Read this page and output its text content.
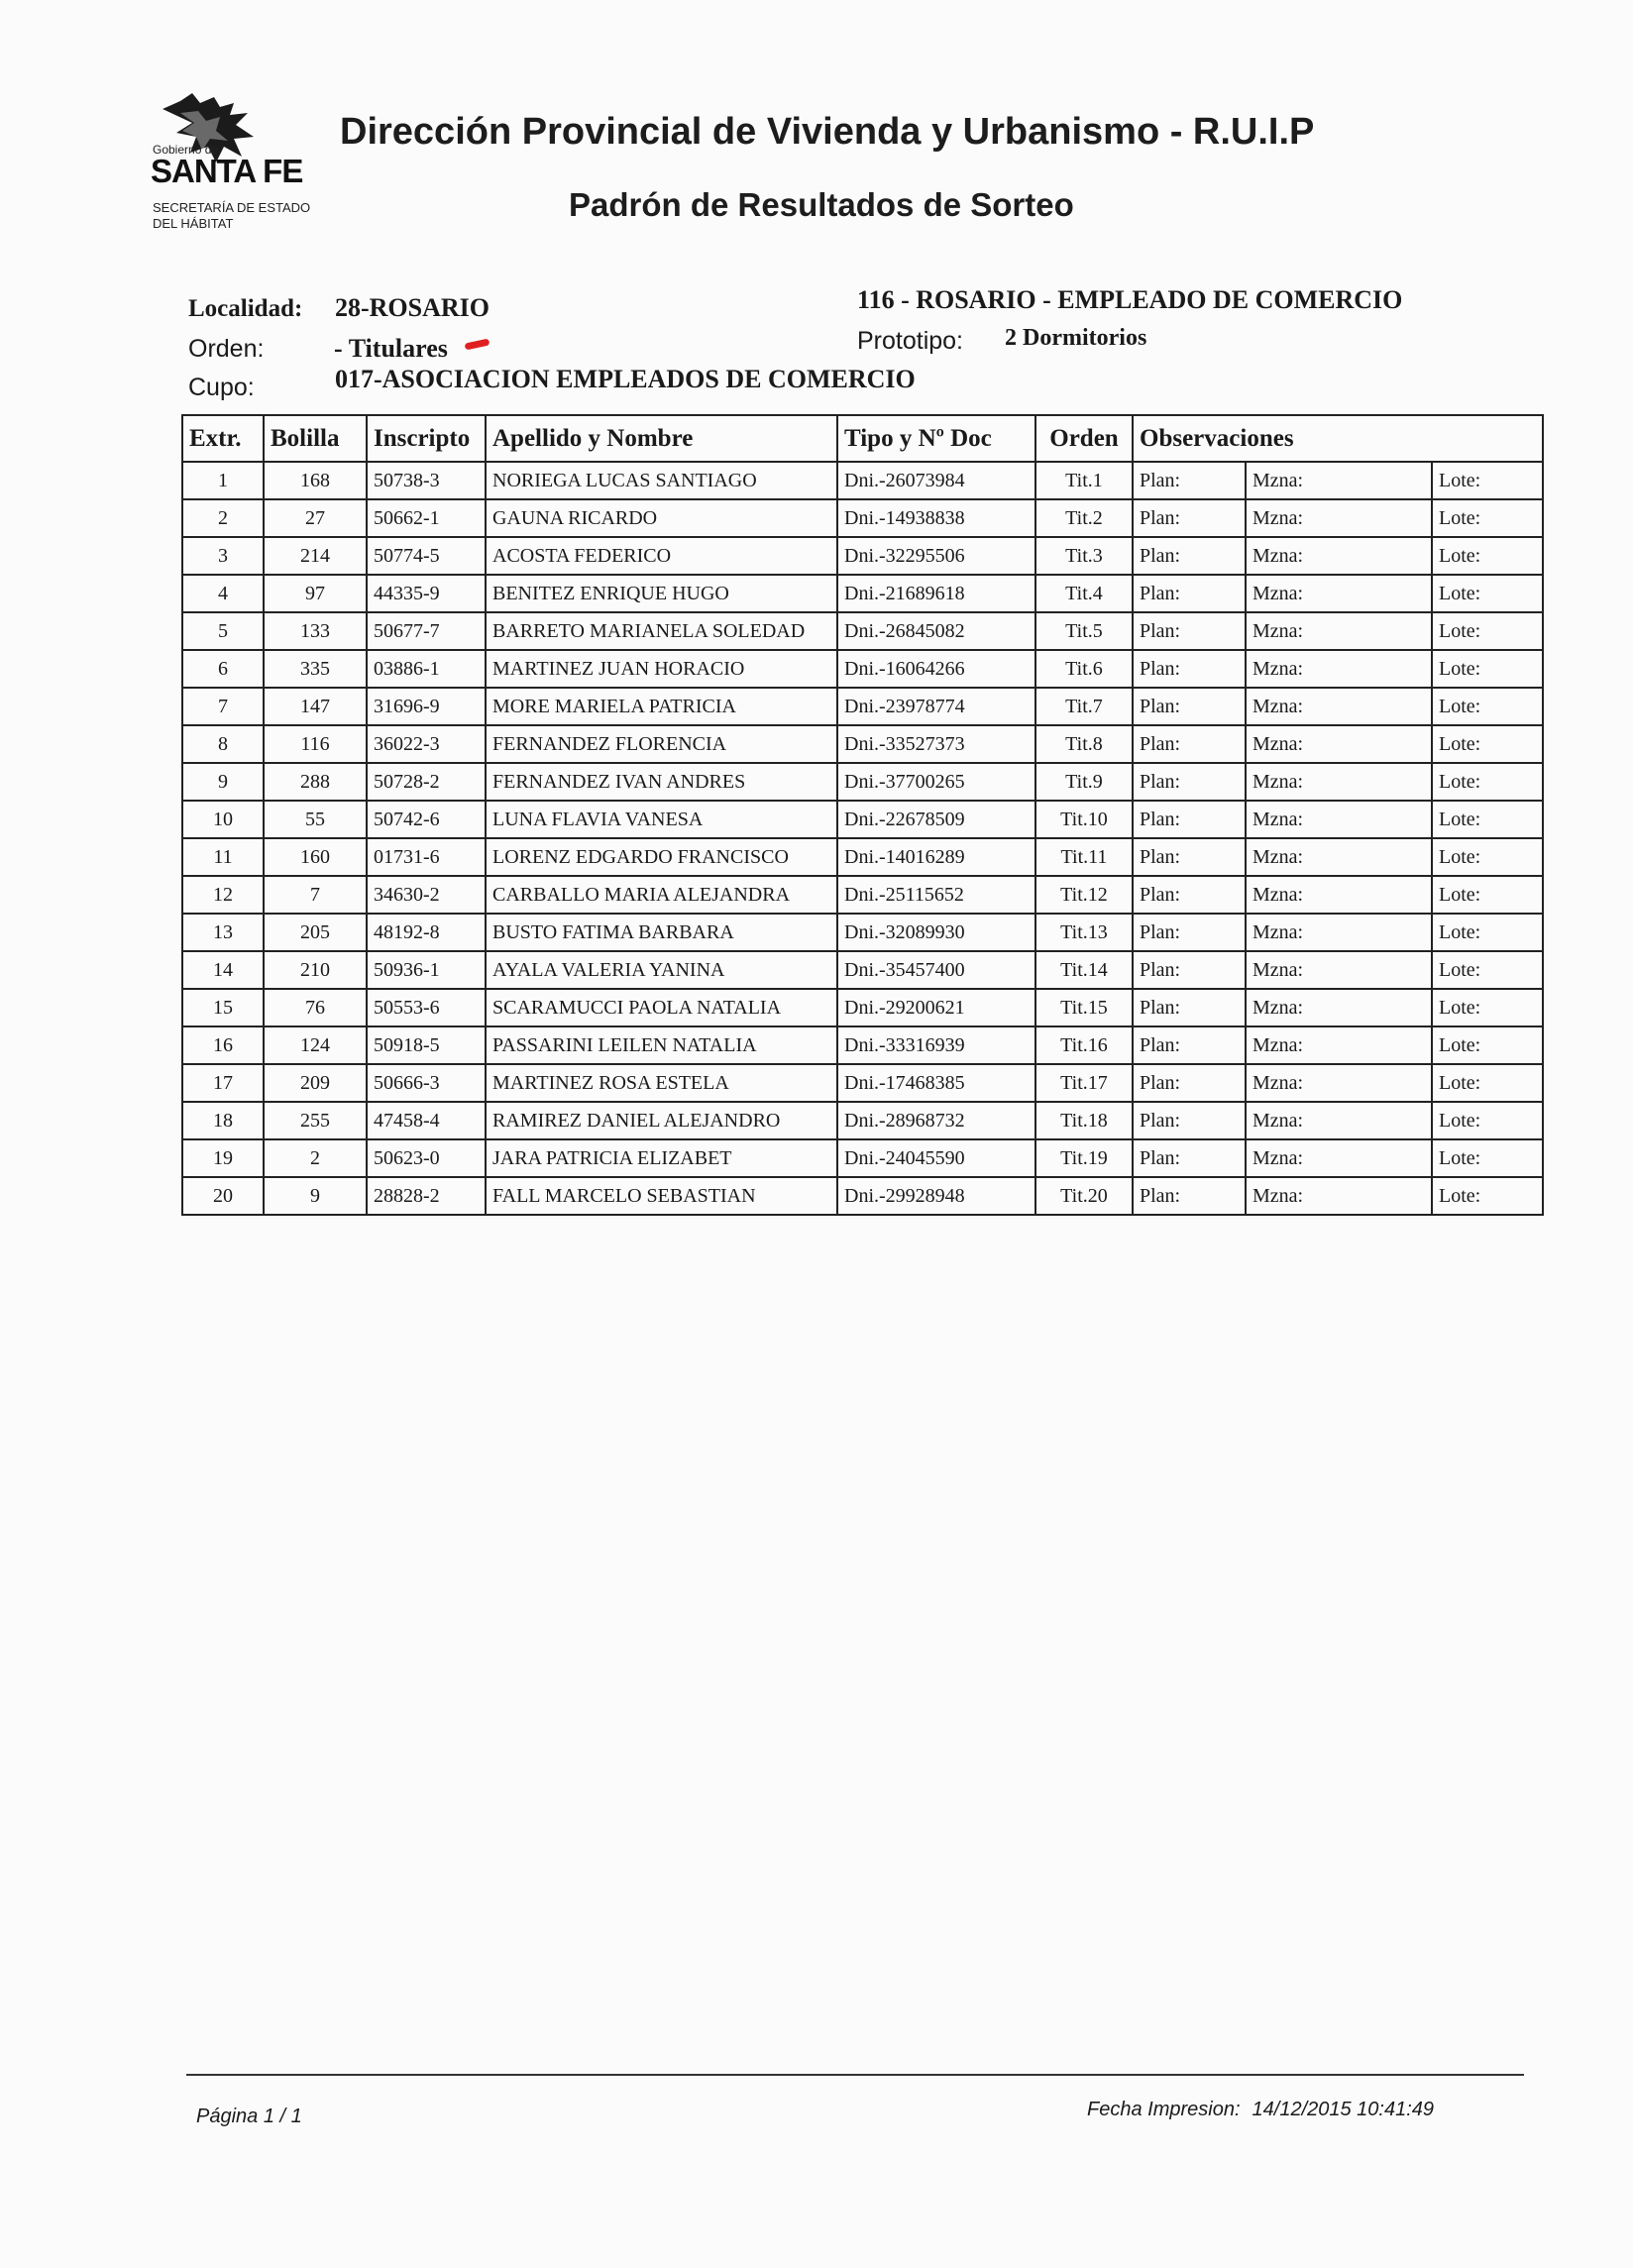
Gobierno de
SANTA FE
SECRETARÍA DE ESTADO
DEL HÁBITAT
Dirección Provincial de Vivienda y Urbanismo - R.U.I.P
Padrón de Resultados de Sorteo
Localidad: 28-ROSARIO
Orden:	- Titulares
Cupo:	017-ASOCIACION EMPLEADOS DE COMERCIO
116 - ROSARIO - EMPLEADO DE COMERCIO
Prototipo: 2 Dormitorios
Extr.	Bolilla	Inscripto	Apellido y Nombre	Tipo y Nº Doc	Orden	Observaciones		
1	168	50738-3	NORIEGA LUCAS SANTIAGO	Dni.-26073984	Tit.1	Plan:	Mzna:	Lote:
2	27	50662-1	GAUNA RICARDO	Dni.-14938838	Tit.2	Plan:	Mzna:	Lote:
3	214	50774-5	ACOSTA FEDERICO	Dni.-32295506	Tit.3	Plan:	Mzna:	Lote:
4	97	44335-9	BENITEZ ENRIQUE HUGO	Dni.-21689618	Tit.4	Plan:	Mzna:	Lote:
5	133	50677-7	BARRETO MARIANELA SOLEDAD	Dni.-26845082	Tit.5	Plan:	Mzna:	Lote:
6	335	03886-1	MARTINEZ JUAN HORACIO	Dni.-16064266	Tit.6	Plan:	Mzna:	Lote:
7	147	31696-9	MORE MARIELA PATRICIA	Dni.-23978774	Tit.7	Plan:	Mzna:	Lote:
8	116	36022-3	FERNANDEZ FLORENCIA	Dni.-33527373	Tit.8	Plan:	Mzna:	Lote:
9	288	50728-2	FERNANDEZ IVAN ANDRES	Dni.-37700265	Tit.9	Plan:	Mzna:	Lote:
10	55	50742-6	LUNA FLAVIA VANESA	Dni.-22678509	Tit.10	Plan:	Mzna:	Lote:
11	160	01731-6	LORENZ EDGARDO FRANCISCO	Dni.-14016289	Tit.11	Plan:	Mzna:	Lote:
12	7	34630-2	CARBALLO MARIA ALEJANDRA	Dni.-25115652	Tit.12	Plan:	Mzna:	Lote:
13	205	48192-8	BUSTO FATIMA BARBARA	Dni.-32089930	Tit.13	Plan:	Mzna:	Lote:
14	210	50936-1	AYALA VALERIA YANINA	Dni.-35457400	Tit.14	Plan:	Mzna:	Lote:
15	76	50553-6	SCARAMUCCI PAOLA NATALIA	Dni.-29200621	Tit.15	Plan:	Mzna:	Lote:
16	124	50918-5	PASSARINI LEILEN NATALIA	Dni.-33316939	Tit.16	Plan:	Mzna:	Lote:
17	209	50666-3	MARTINEZ ROSA ESTELA	Dni.-17468385	Tit.17	Plan:	Mzna:	Lote:
18	255	47458-4	RAMIREZ DANIEL ALEJANDRO	Dni.-28968732	Tit.18	Plan:	Mzna:	Lote:
19	2	50623-0	JARA PATRICIA ELIZABET	Dni.-24045590	Tit.19	Plan:	Mzna:	Lote:
20	9	28828-2	FALL MARCELO SEBASTIAN	Dni.-29928948	Tit.20	Plan:	Mzna:	Lote:
Página 1 / 1	Fecha Impresion: 14/12/2015 10:41:49
